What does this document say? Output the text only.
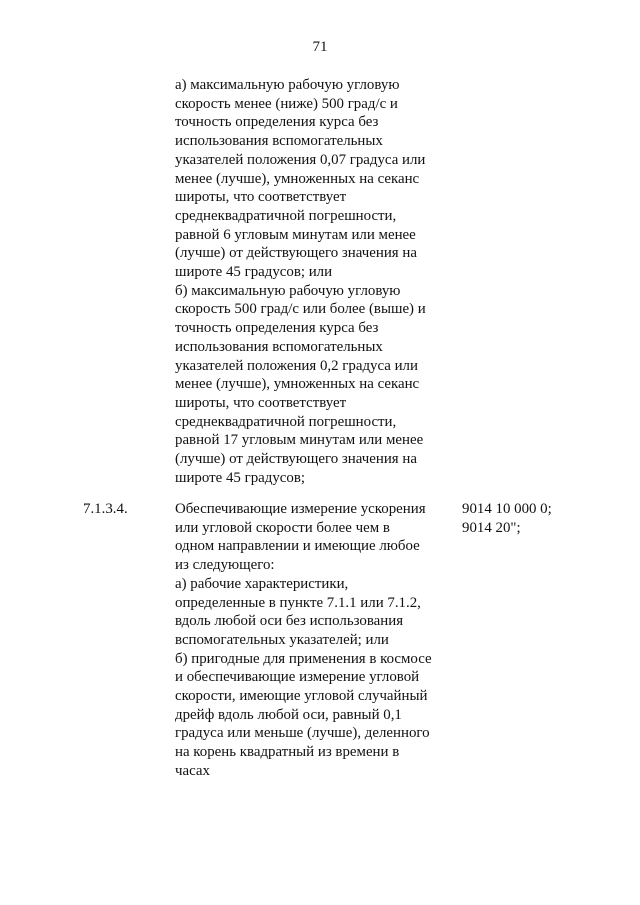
71
а) максимальную рабочую угловую
скорость менее (ниже) 500 град/с и
точность определения курса без
использования вспомогательных
указателей положения 0,07 градуса или
менее (лучше), умноженных на секанс
широты, что соответствует
среднеквадратичной погрешности,
равной 6 угловым минутам или менее
(лучше) от действующего значения на
широте 45 градусов; или
б) максимальную рабочую угловую
скорость 500 град/с или более (выше) и
точность определения курса без
использования вспомогательных
указателей положения 0,2 градуса или
менее (лучше), умноженных на секанс
широты, что соответствует
среднеквадратичной погрешности,
равной 17 угловым минутам или менее
(лучше) от действующего значения на
широте 45 градусов;
7.1.3.4.	Обеспечивающие измерение ускорения
или угловой скорости более чем в
одном направлении и имеющие любое
из следующего:
а) рабочие характеристики,
определенные в пункте 7.1.1 или 7.1.2,
вдоль любой оси без использования
вспомогательных указателей; или
б) пригодные для применения в космосе
и обеспечивающие измерение угловой
скорости, имеющие угловой случайный
дрейф вдоль любой оси, равный 0,1
градуса или меньше (лучше), деленного
на корень квадратный из времени в
часах
9014 10 000 0;
9014 20";
